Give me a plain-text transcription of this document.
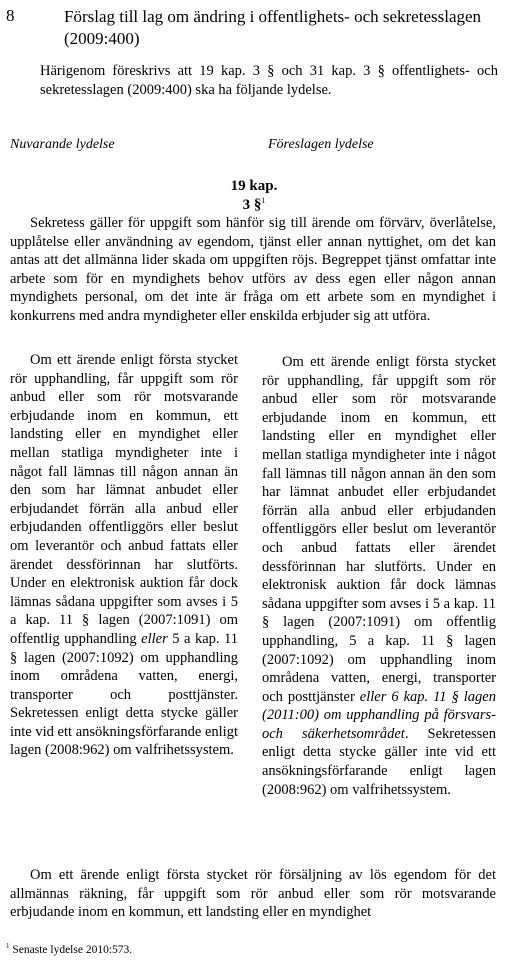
8	Förslag till lag om ändring i offentlighets- och sekretesslagen (2009:400)
Härigenom föreskrivs att 19 kap. 3 § och 31 kap. 3 § offentlighets- och sekretesslagen (2009:400) ska ha följande lydelse.
Nuvarande lydelse	Föreslagen lydelse
19 kap.
3 §$^1$
Sekretess gäller för uppgift som hänför sig till ärende om förvärv, överlåtelse, upplåtelse eller användning av egendom, tjänst eller annan nyttighet, om det kan antas att det allmänna lider skada om uppgiften röjs. Begreppet tjänst omfattar inte arbete som för en myndighets behov utförs av dess egen eller någon annan myndighets personal, om det inte är fråga om ett arbete som en myndighet i konkurrens med andra myndigheter eller enskilda erbjuder sig att utföra.
Om ett ärende enligt första stycket rör upphandling, får uppgift som rör anbud eller som rör motsvarande erbjudande inom en kommun, ett landsting eller en myndighet eller mellan statliga myndigheter inte i något fall lämnas till någon annan än den som har lämnat anbudet eller erbjudandet förrän alla anbud eller erbjudanden offentliggörs eller beslut om leverantör och anbud fattats eller ärendet dessförinnan har slutförts. Under en elektronisk auktion får dock lämnas sådana uppgifter som avses i 5 a kap. 11 § lagen (2007:1091) om offentlig upphandling eller 5 a kap. 11 § lagen (2007:1092) om upphandling inom områdena vatten, energi, transporter och posttjänster. Sekretessen enligt detta stycke gäller inte vid ett ansökningsförfarande enligt lagen (2008:962) om valfrihetssystem.
Om ett ärende enligt första stycket rör upphandling, får uppgift som rör anbud eller som rör motsvarande erbjudande inom en kommun, ett landsting eller en myndighet eller mellan statliga myndigheter inte i något fall lämnas till någon annan än den som har lämnat anbudet eller erbjudandet förrän alla anbud eller erbjudanden offentliggörs eller beslut om leverantör och anbud fattats eller ärendet dessförinnan har slutförts. Under en elektronisk auktion får dock lämnas sådana uppgifter som avses i 5 a kap. 11 § lagen (2007:1091) om offentlig upphandling, 5 a kap. 11 § lagen (2007:1092) om upphandling inom områdena vatten, energi, transporter och posttjänster eller 6 kap. 11 § lagen (2011:00) om upphandling på försvars- och säkerhetsområdet. Sekretessen enligt detta stycke gäller inte vid ett ansökningsförfarande enligt lagen (2008:962) om valfrihetssystem.
Om ett ärende enligt första stycket rör försäljning av lös egendom för det allmännas räkning, får uppgift som rör anbud eller som rör motsvarande erbjudande inom en kommun, ett landsting eller en myndighet
$^1$ Senaste lydelse 2010:573.
